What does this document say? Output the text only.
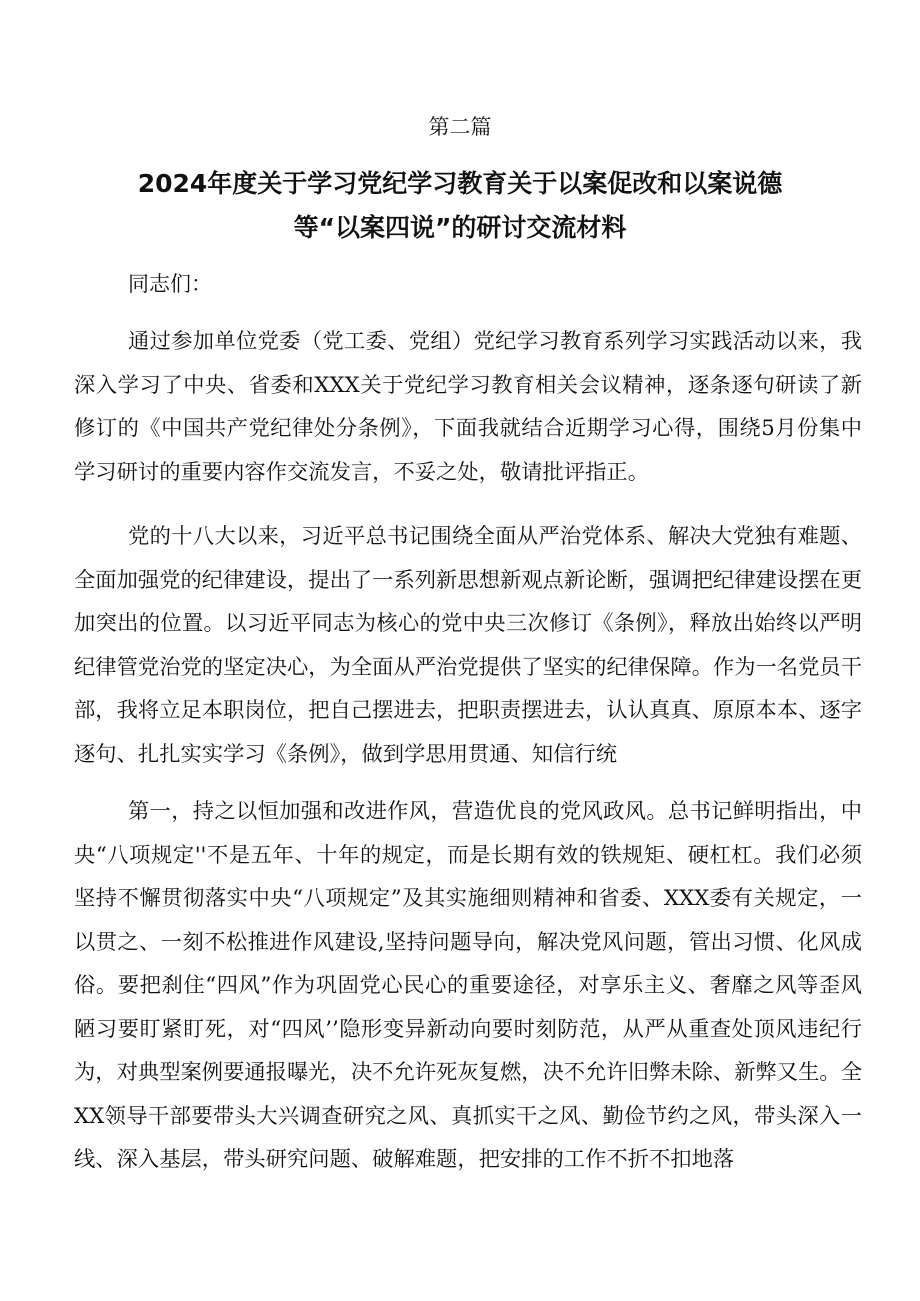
第二篇
2024年度关于学习党纪学习教育关于以案促改和以案说德
等“以案四说”的研讨交流材料
同志们：

通过参加单位党委（党工委、党组）党纪学习教育系列学习实践活动以来，我深入学习了中央、省委和XXX关于党纪学习教育相关会议精神，逐条逐句研读了新修订的《中国共产党纪律处分条例》，下面我就结合近期学习心得，围绕5月份集中学习研讨的重要内容作交流发言，不妥之处，敬请批评指正。

党的十八大以来，习近平总书记围绕全面从严治党体系、解决大党独有难题、全面加强党的纪律建设，提出了一系列新思想新观点新论断，强调把纪律建设摆在更加突出的位置。以习近平同志为核心的党中央三次修订《条例》，释放出始终以严明纪律管党治党的坚定决心，为全面从严治党提供了坚实的纪律保障。作为一名党员干部，我将立足本职岗位，把自己摆进去，把职责摆进去，认认真真、原原本本、逐字逐句、扎扎实实学习《条例》，做到学思用贯通、知信行统

第一，持之以恒加强和改进作风，营造优良的党风政风。总书记鲜明指出，中央“八项规定''不是五年、十年的规定，而是长期有效的铁规矩、硬杠杠。我们必须坚持不懈贯彻落实中央“八项规定”及其实施细则精神和省委、XXX委有关规定，一以贯之、一刻不松推进作风建设,坚持问题导向，解决党风问题，管出习惯、化风成俗。要把刹住“四风”作为巩固党心民心的重要途径，对享乐主义、奢靡之风等歪风陋习要盯紧盯死，对“四风’’隐形变异新动向要时刻防范，从严从重查处顶风违纪行为，对典型案例要通报曝光，决不允许死灰复燃，决不允许旧弊未除、新弊又生。全XX领导干部要带头大兴调查研究之风、真抓实干之风、勤俭节约之风，带头深入一线、深入基层，带头研究问题、破解难题，把安排的工作不折不扣地落
